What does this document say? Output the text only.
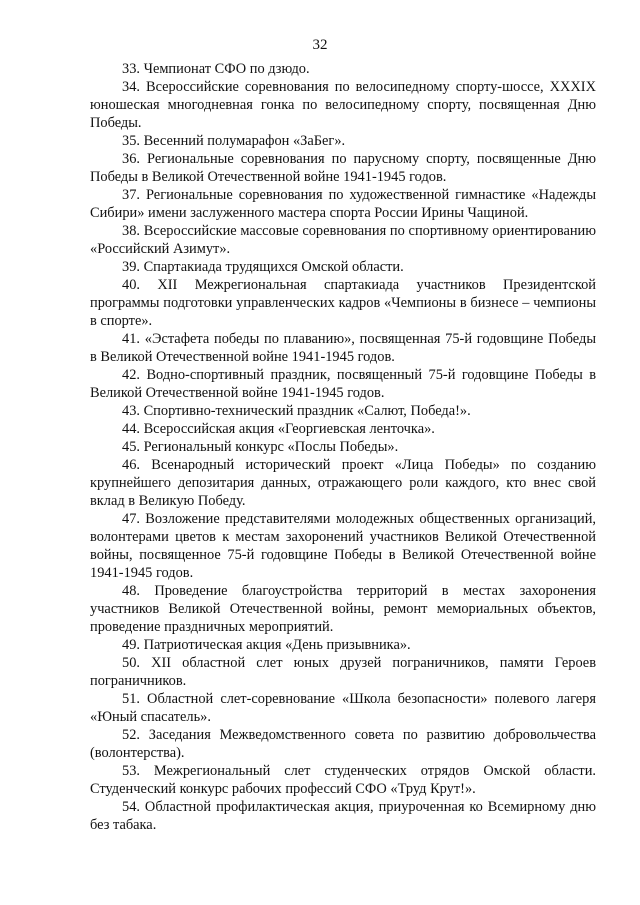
32

33. Чемпионат СФО по дзюдо.

34. Всероссийские соревнования по велосипедному спорту-шоссе, XXXIX юношеская многодневная гонка по велосипедному спорту, посвященная Дню Победы.

35. Весенний полумарафон «ЗаБег».

36. Региональные соревнования по парусному спорту, посвященные Дню Победы в Великой Отечественной войне 1941-1945 годов.

37. Региональные соревнования по художественной гимнастике «Надежды Сибири» имени заслуженного мастера спорта России Ирины Чащиной.

38. Всероссийские массовые соревнования по спортивному ориентированию «Российский Азимут».

39. Спартакиада трудящихся Омской области.

40. XII Межрегиональная спартакиада участников Президентской программы подготовки управленческих кадров «Чемпионы в бизнесе – чемпионы в спорте».

41. «Эстафета победы по плаванию», посвященная 75-й годовщине Победы в Великой Отечественной войне 1941-1945 годов.

42. Водно-спортивный праздник, посвященный 75-й годовщине Победы в Великой Отечественной войне 1941-1945 годов.

43. Спортивно-технический праздник «Салют, Победа!».

44. Всероссийская акция «Георгиевская ленточка».

45. Региональный конкурс «Послы Победы».

46. Всенародный исторический проект «Лица Победы» по созданию крупнейшего депозитария данных, отражающего роли каждого, кто внес свой вклад в Великую Победу.

47. Возложение представителями молодежных общественных организаций, волонтерами цветов к местам захоронений участников Великой Отечественной войны, посвященное 75-й годовщине Победы в Великой Отечественной войне 1941-1945 годов.

48. Проведение благоустройства территорий в местах захоронения участников Великой Отечественной войны, ремонт мемориальных объектов, проведение праздничных мероприятий.

49. Патриотическая акция «День призывника».

50. XII областной слет юных друзей пограничников, памяти Героев пограничников.

51. Областной слет-соревнование «Школа безопасности» полевого лагеря «Юный спасатель».

52. Заседания Межведомственного совета по развитию добровольчества (волонтерства).

53. Межрегиональный слет студенческих отрядов Омской области. Студенческий конкурс рабочих профессий СФО «Труд Крут!».

54. Областной профилактическая акция, приуроченная ко Всемирному дню без табака.
